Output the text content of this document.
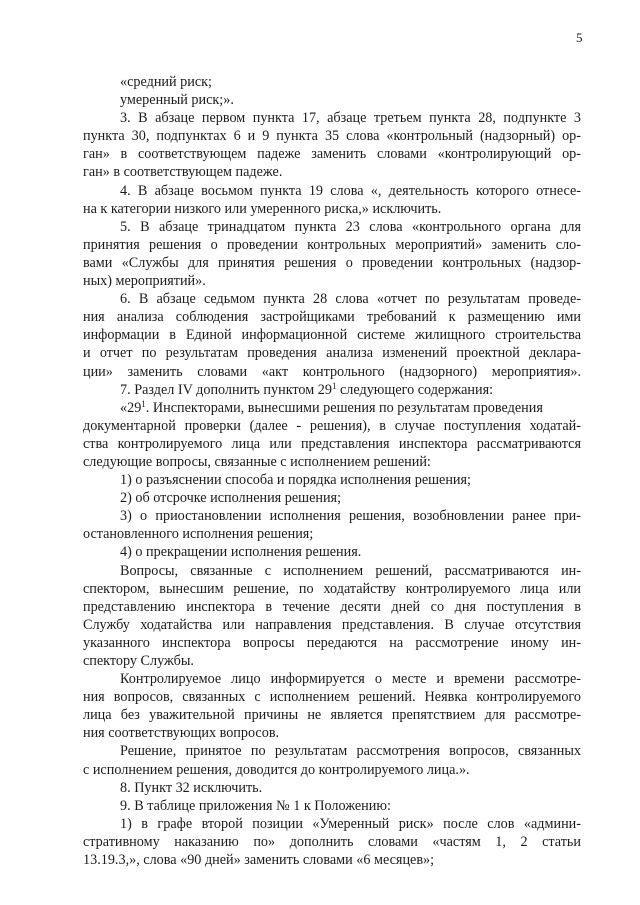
5
«средний риск;
умеренный риск;».
3. В абзаце первом пункта 17, абзаце третьем пункта 28, подпункте 3
пункта 30, подпунктах 6 и 9 пункта 35 слова «контрольный (надзорный) ор-
ган» в соответствующем падеже заменить словами «контролирующий ор-
ган» в соответствующем падеже.
4. В абзаце восьмом пункта 19 слова «, деятельность которого отнесе-
на к категории низкого или умеренного риска,» исключить.
5. В абзаце тринадцатом пункта 23 слова «контрольного органа для
принятия решения о проведении контрольных мероприятий» заменить сло-
вами «Службы для принятия решения о проведении контрольных (надзор-
ных) мероприятий».
6. В абзаце седьмом пункта 28 слова «отчет по результатам проведе-
ния анализа соблюдения застройщиками требований к размещению ими
информации в Единой информационной системе жилищного строительства
и отчет по результатам проведения анализа изменений проектной деклара-
ции» заменить словами «акт контрольного (надзорного) мероприятия».
7. Раздел IV дополнить пунктом $29^1$ следующего содержания:
«$29^1$. Инспекторами, вынесшими решения по результатам проведения
документарной проверки (далее - решения), в случае поступления ходатай-
ства контролируемого лица или представления инспектора рассматриваются
следующие вопросы, связанные с исполнением решений:
1) о разъяснении способа и порядка исполнения решения;
2) об отсрочке исполнения решения;
3) о приостановлении исполнения решения, возобновлении ранее при-
остановленного исполнения решения;
4) о прекращении исполнения решения.
Вопросы, связанные с исполнением решений, рассматриваются ин-
спектором, вынесшим решение, по ходатайству контролируемого лица или
представлению инспектора в течение десяти дней со дня поступления в
Службу ходатайства или направления представления. В случае отсутствия
указанного инспектора вопросы передаются на рассмотрение иному ин-
спектору Службы.
Контролируемое лицо информируется о месте и времени рассмотре-
ния вопросов, связанных с исполнением решений. Неявка контролируемого
лица без уважительной причины не является препятствием для рассмотре-
ния соответствующих вопросов.
Решение, принятое по результатам рассмотрения вопросов, связанных
с исполнением решения, доводится до контролируемого лица.».
8. Пункт 32 исключить.
9. В таблице приложения № 1 к Положению:
1) в графе второй позиции «Умеренный риск» после слов «админи-
стративному наказанию по» дополнить словами «частям 1, 2 статьи
13.19.3,», слова «90 дней» заменить словами «6 месяцев»;
